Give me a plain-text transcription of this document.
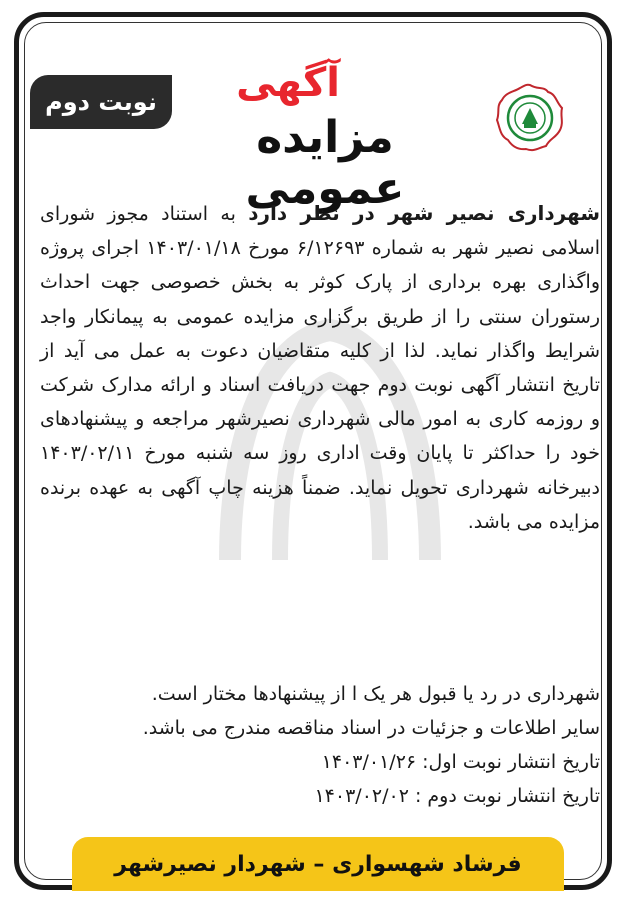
نوبت دوم	آگهی
مزایده عمومی
شهرداری نصیر شهر در نظر دارد به استناد مجوز شورای اسلامی نصیر شهر به شماره ۶/۱۲۶۹۳ مورخ ۱۴۰۳/۰۱/۱۸ اجرای پروژه واگذاری بهره برداری از پارک کوثر به بخش خصوصی جهت احداث رستوران سنتی را از طریق برگزاری مزایده عمومی به پیمانکار واجد شرایط واگذار نماید. لذا از کلیه متقاضیان دعوت به عمل می آید از تاریخ انتشار آگهی نوبت دوم جهت دریافت اسناد و ارائه مدارک شرکت و روزمه کاری به امور مالی شهرداری نصیرشهر مراجعه و پیشنهادهای خود را حداکثر تا پایان وقت اداری روز سه شنبه مورخ ۱۴۰۳/۰۲/۱۱ دبیرخانه شهرداری تحویل نماید. ضمناً هزینه چاپ آگهی به عهده برنده مزایده می باشد.
شهرداری در رد یا قبول هر یک ا از پیشنهادها مختار است.
سایر اطلاعات و جزئیات در اسناد مناقصه مندرج می باشد.
تاریخ انتشار نوبت اول: ۱۴۰۳/۰۱/۲۶
تاریخ انتشار نوبت دوم : ۱۴۰۳/۰۲/۰۲
فرشاد شهسواری – شهردار نصیرشهر
